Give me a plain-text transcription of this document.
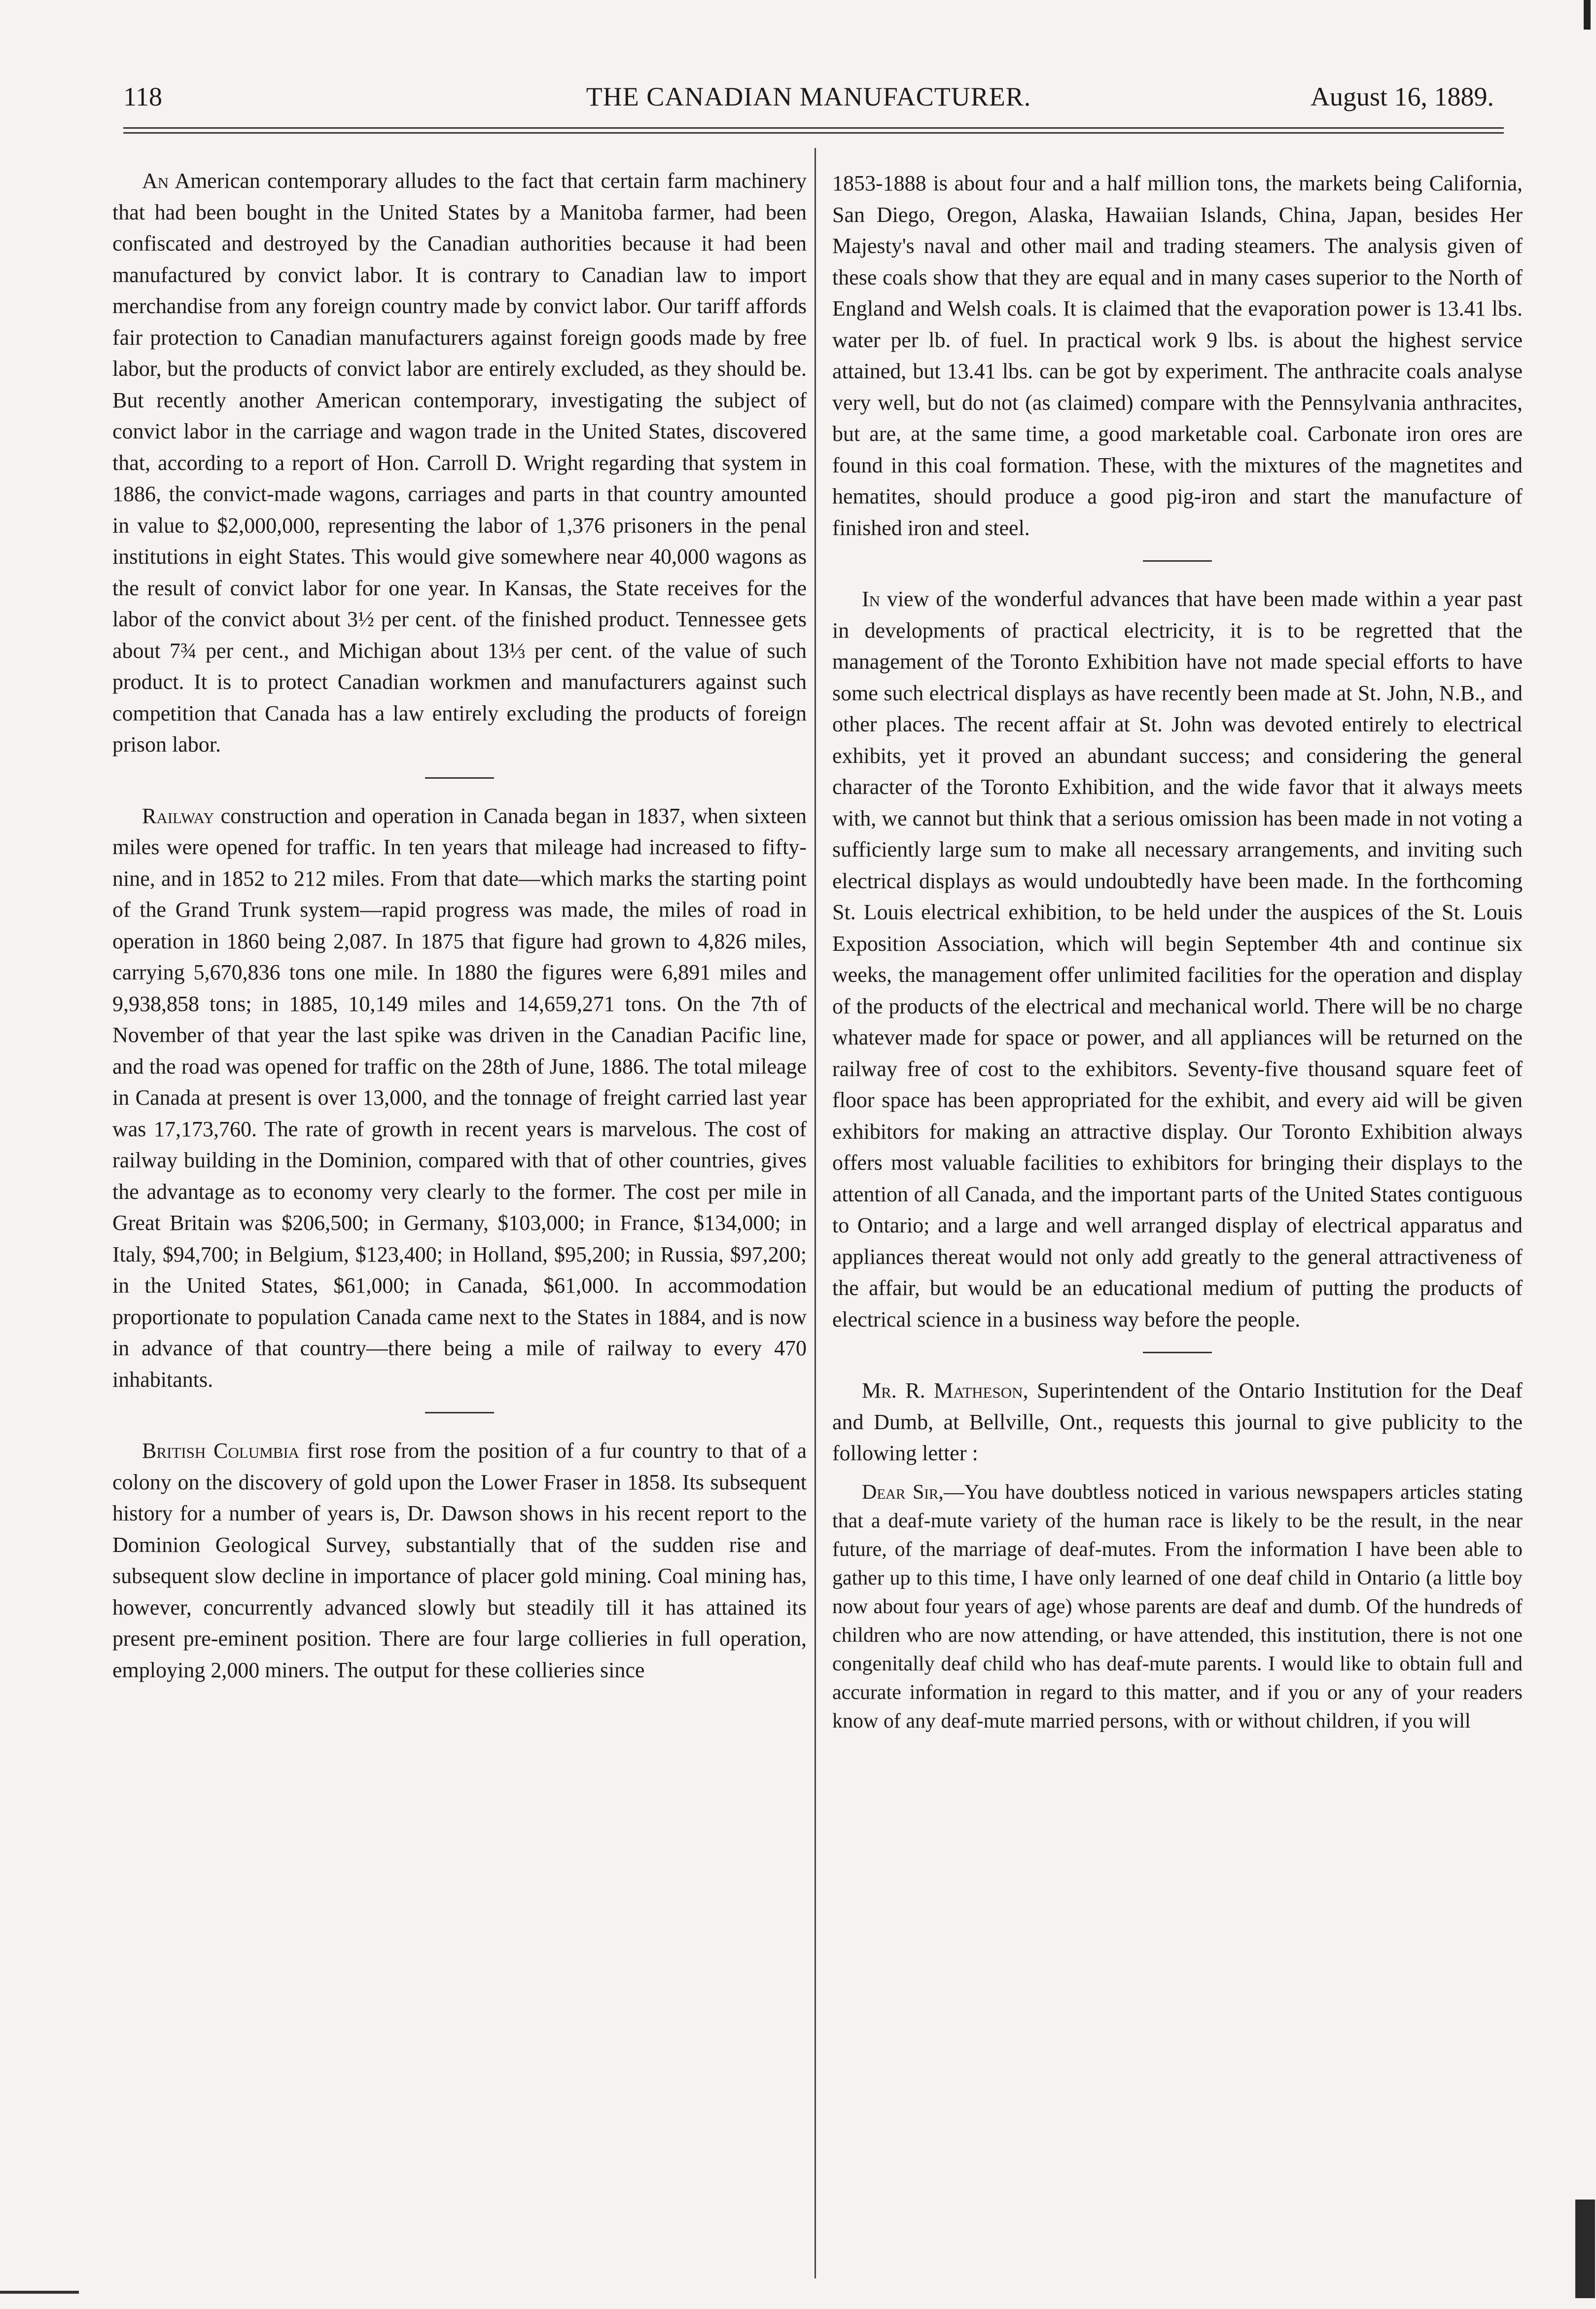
118	THE CANADIAN MANUFACTURER.	August 16, 1889.

An American contemporary alludes to the fact that certain farm machinery that had been bought in the United States by a Manitoba farmer, had been confiscated and destroyed by the Canadian authorities because it had been manufactured by convict labor. It is contrary to Canadian law to import merchandise from any foreign country made by convict labor. Our tariff affords fair protection to Canadian manufacturers against foreign goods made by free labor, but the products of convict labor are entirely excluded, as they should be. But recently another American contemporary, investigating the subject of convict labor in the carriage and wagon trade in the United States, discovered that, according to a report of Hon. Carroll D. Wright regarding that system in 1886, the convict-made wagons, carriages and parts in that country amounted in value to $2,000,000, representing the labor of 1,376 prisoners in the penal institutions in eight States. This would give somewhere near 40,000 wagons as the result of convict labor for one year. In Kansas, the State receives for the labor of the convict about 3½ per cent. of the finished product. Tennessee gets about 7¾ per cent., and Michigan about 13⅓ per cent. of the value of such product. It is to protect Canadian workmen and manufacturers against such competition that Canada has a law entirely excluding the products of foreign prison labor.

Railway construction and operation in Canada began in 1837, when sixteen miles were opened for traffic. In ten years that mileage had increased to fifty-nine, and in 1852 to 212 miles. From that date—which marks the starting point of the Grand Trunk system—rapid progress was made, the miles of road in operation in 1860 being 2,087. In 1875 that figure had grown to 4,826 miles, carrying 5,670,836 tons one mile. In 1880 the figures were 6,891 miles and 9,938,858 tons; in 1885, 10,149 miles and 14,659,271 tons. On the 7th of November of that year the last spike was driven in the Canadian Pacific line, and the road was opened for traffic on the 28th of June, 1886. The total mileage in Canada at present is over 13,000, and the tonnage of freight carried last year was 17,173,760. The rate of growth in recent years is marvelous. The cost of railway building in the Dominion, compared with that of other countries, gives the advantage as to economy very clearly to the former. The cost per mile in Great Britain was $206,500; in Germany, $103,000; in France, $134,000; in Italy, $94,700; in Belgium, $123,400; in Holland, $95,200; in Russia, $97,200; in the United States, $61,000; in Canada, $61,000. In accommodation proportionate to population Canada came next to the States in 1884, and is now in advance of that country—there being a mile of railway to every 470 inhabitants.

British Columbia first rose from the position of a fur country to that of a colony on the discovery of gold upon the Lower Fraser in 1858. Its subsequent history for a number of years is, Dr. Dawson shows in his recent report to the Dominion Geological Survey, substantially that of the sudden rise and subsequent slow decline in importance of placer gold mining. Coal mining has, however, concurrently advanced slowly but steadily till it has attained its present pre-eminent position. There are four large collieries in full operation, employing 2,000 miners. The output for these collieries since

1853-1888 is about four and a half million tons, the markets being California, San Diego, Oregon, Alaska, Hawaiian Islands, China, Japan, besides Her Majesty's naval and other mail and trading steamers. The analysis given of these coals show that they are equal and in many cases superior to the North of England and Welsh coals. It is claimed that the evaporation power is 13.41 lbs. water per lb. of fuel. In practical work 9 lbs. is about the highest service attained, but 13.41 lbs. can be got by experiment. The anthracite coals analyse very well, but do not (as claimed) compare with the Pennsylvania anthracites, but are, at the same time, a good marketable coal. Carbonate iron ores are found in this coal formation. These, with the mixtures of the magnetites and hematites, should produce a good pig-iron and start the manufacture of finished iron and steel.

In view of the wonderful advances that have been made within a year past in developments of practical electricity, it is to be regretted that the management of the Toronto Exhibition have not made special efforts to have some such electrical displays as have recently been made at St. John, N.B., and other places. The recent affair at St. John was devoted entirely to electrical exhibits, yet it proved an abundant success; and considering the general character of the Toronto Exhibition, and the wide favor that it always meets with, we cannot but think that a serious omission has been made in not voting a sufficiently large sum to make all necessary arrangements, and inviting such electrical displays as would undoubtedly have been made. In the forthcoming St. Louis electrical exhibition, to be held under the auspices of the St. Louis Exposition Association, which will begin September 4th and continue six weeks, the management offer unlimited facilities for the operation and display of the products of the electrical and mechanical world. There will be no charge whatever made for space or power, and all appliances will be returned on the railway free of cost to the exhibitors. Seventy-five thousand square feet of floor space has been appropriated for the exhibit, and every aid will be given exhibitors for making an attractive display. Our Toronto Exhibition always offers most valuable facilities to exhibitors for bringing their displays to the attention of all Canada, and the important parts of the United States contiguous to Ontario; and a large and well arranged display of electrical apparatus and appliances thereat would not only add greatly to the general attractiveness of the affair, but would be an educational medium of putting the products of electrical science in a business way before the people.

Mr. R. Matheson, Superintendent of the Ontario Institution for the Deaf and Dumb, at Bellville, Ont., requests this journal to give publicity to the following letter :

Dear Sir,—You have doubtless noticed in various newspapers articles stating that a deaf-mute variety of the human race is likely to be the result, in the near future, of the marriage of deaf-mutes. From the information I have been able to gather up to this time, I have only learned of one deaf child in Ontario (a little boy now about four years of age) whose parents are deaf and dumb. Of the hundreds of children who are now attending, or have attended, this institution, there is not one congenitally deaf child who has deaf-mute parents. I would like to obtain full and accurate information in regard to this matter, and if you or any of your readers know of any deaf-mute married persons, with or without children, if you will
